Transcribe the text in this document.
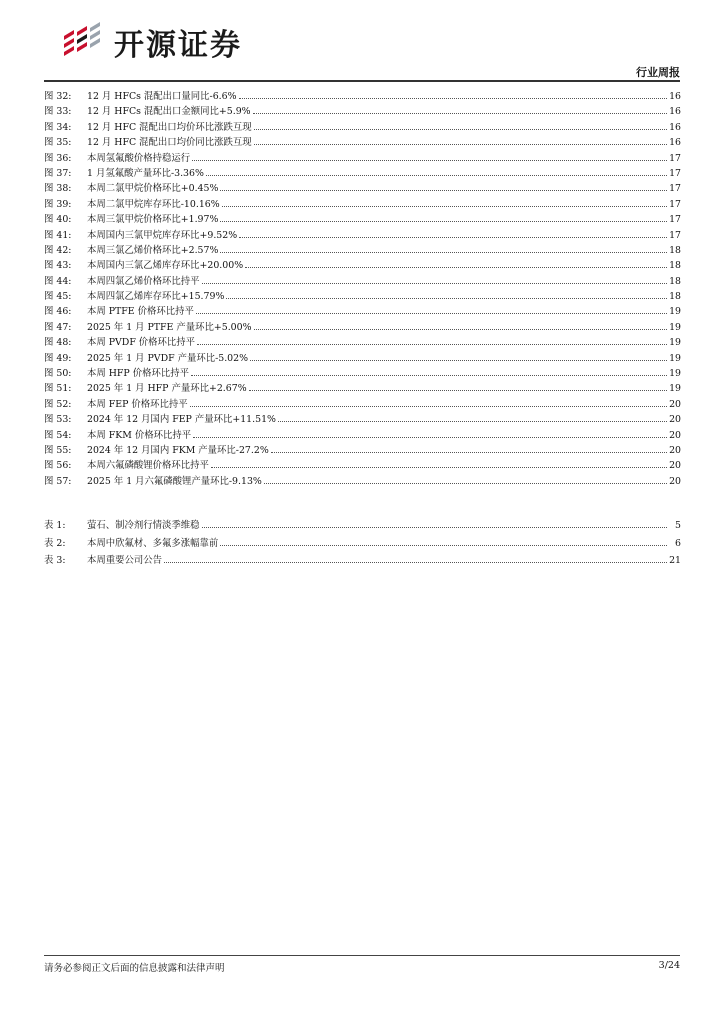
开源证券
行业周报
图 32:	12 月 HFCs 混配出口量同比-6.6%	16
图 33:	12 月 HFCs 混配出口金额同比+5.9%	16
图 34:	12 月 HFC 混配出口均价环比涨跌互现	16
图 35:	12 月 HFC 混配出口均价同比涨跌互现	16
图 36:	本周氢氟酸价格持稳运行	17
图 37:	1 月氢氟酸产量环比-3.36%	17
图 38:	本周二氯甲烷价格环比+0.45%	17
图 39:	本周二氯甲烷库存环比-10.16%	17
图 40:	本周三氯甲烷价格环比+1.97%	17
图 41:	本周国内三氯甲烷库存环比+9.52%	17
图 42:	本周三氯乙烯价格环比+2.57%	18
图 43:	本周国内三氯乙烯库存环比+20.00%	18
图 44:	本周四氯乙烯价格环比持平	18
图 45:	本周四氯乙烯库存环比+15.79%	18
图 46:	本周 PTFE 价格环比持平	19
图 47:	2025 年 1 月 PTFE 产量环比+5.00%	19
图 48:	本周 PVDF 价格环比持平	19
图 49:	2025 年 1 月 PVDF 产量环比-5.02%	19
图 50:	本周 HFP 价格环比持平	19
图 51:	2025 年 1 月 HFP 产量环比+2.67%	19
图 52:	本周 FEP 价格环比持平	20
图 53:	2024 年 12 月国内 FEP 产量环比+11.51%	20
图 54:	本周 FKM 价格环比持平	20
图 55:	2024 年 12 月国内 FKM 产量环比-27.2%	20
图 56:	本周六氟磷酸锂价格环比持平	20
图 57:	2025 年 1 月六氟磷酸锂产量环比-9.13%	20
表 1:	萤石、制冷剂行情淡季维稳	5
表 2:	本周中欣氟材、多氟多涨幅靠前	6
表 3:	本周重要公司公告	21
请务必参阅正文后面的信息披露和法律声明	3/24
